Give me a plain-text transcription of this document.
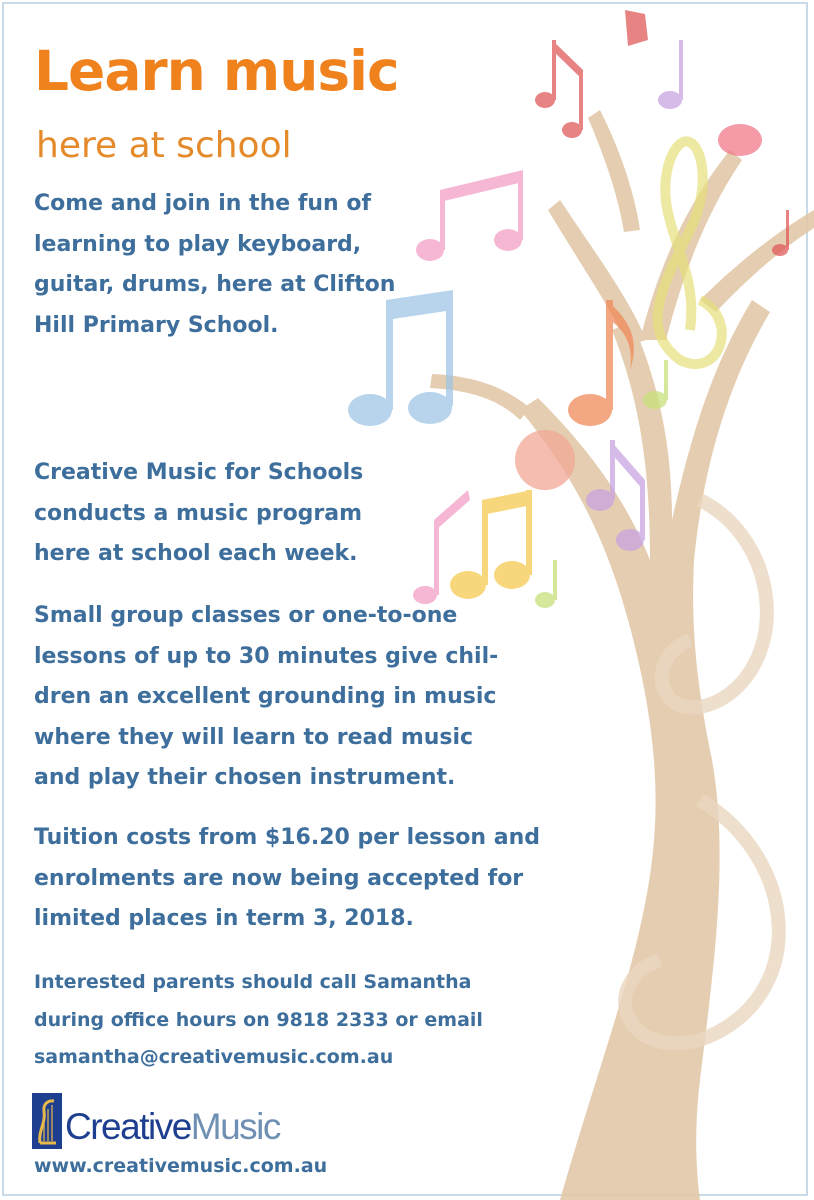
Learn music
here at school

Come and join in the fun of
learning to play keyboard,
guitar, drums, here at Clifton
Hill Primary School.

Creative Music for Schools
conducts a music program
here at school each week.

Small group classes or one-to-one
lessons of up to 30 minutes give chil-
dren an excellent grounding in music
where they will learn to read music
and play their chosen instrument.

Tuition costs from $16.20 per lesson and
enrolments are now being accepted for
limited places in term 3, 2018.

Interested parents should call Samantha
during office hours on 9818 2333 or email
samantha@creativemusic.com.au

CreativeMusic

www.creativemusic.com.au
